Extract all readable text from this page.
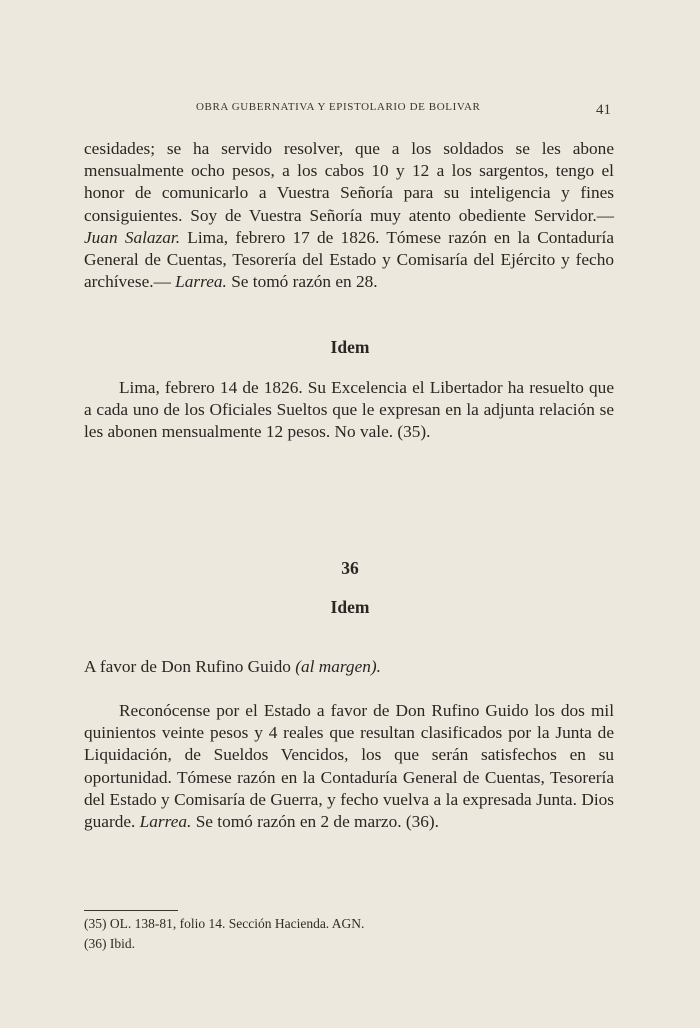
OBRA GUBERNATIVA Y EPISTOLARIO DE BOLIVAR	41

cesidades; se ha servido resolver, que a los soldados se les abone mensualmente ocho pesos, a los cabos 10 y 12 a los sargentos, tengo el honor de comunicarlo a Vuestra Señoría para su inteligencia y fines consiguientes. Soy de Vuestra Señoría muy atento obediente Servidor.— Juan Salazar. Lima, febrero 17 de 1826. Tómese razón en la Contaduría General de Cuentas, Tesorería del Estado y Comisaría del Ejército y fecho archívese.— Larrea. Se tomó razón en 28.

Idem

Lima, febrero 14 de 1826. Su Excelencia el Libertador ha resuelto que a cada uno de los Oficiales Sueltos que le expresan en la adjunta relación se les abonen mensualmente 12 pesos. No vale. (35).

36
Idem

A favor de Don Rufino Guido (al margen).

Reconócense por el Estado a favor de Don Rufino Guido los dos mil quinientos veinte pesos y 4 reales que resultan clasificados por la Junta de Liquidación, de Sueldos Vencidos, los que serán satisfechos en su oportunidad. Tómese razón en la Contaduría General de Cuentas, Tesorería del Estado y Comisaría de Guerra, y fecho vuelva a la expresada Junta. Dios guarde. Larrea. Se tomó razón en 2 de marzo. (36).

(35) OL. 138-81, folio 14. Sección Hacienda. AGN.

(36) Ibid.
